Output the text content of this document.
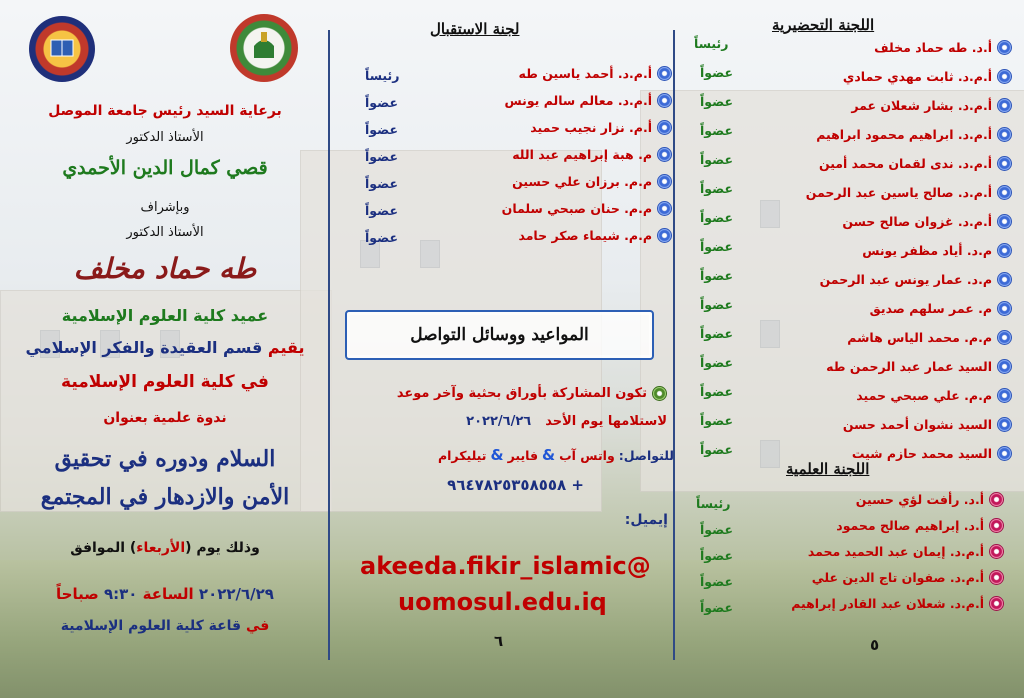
برعاية السيد رئيس جامعة الموصل
الأستاذ الدكتور
قصي كمال الدين الأحمدي
وبإشراف
الأستاذ الدكتور
طه حماد مخلف
عميد كلية العلوم الإسلامية
يقيم قسم العقيدة والفكر الإسلامي
في كلية العلوم الإسلامية
ندوة علمية بعنوان
السلام ودوره في تحقيق
الأمن والازدهار في المجتمع
وذلك يوم (الأربعاء) الموافق
٢٠٢٢/٦/٢٩ الساعة ٩:٣٠ صباحاً
في قاعة كلية العلوم الإسلامية
لجنة الاستقبال
أ.م.د. أحمد ياسين طه
رئيساً
أ.م.د. معالم سالم يونس
عضواً
أ.م. نزار نجيب حميد
عضواً
م. هبة إبراهيم عبد الله
عضواً
م.م. برزان علي حسين
عضواً
م.م. حنان صبحي سلمان
عضواً
م.م. شيماء صكر حامد
عضواً
المواعيد ووسائل التواصل
تكون المشاركة بأوراق بحثية وآخر موعد
لاستلامها يوم الأحد
٢٠٢٢/٦/٢٦
للتواصل:
واتس آب
&
فايبر
&
تيليكرام
+ ٩٦٤٧٨٢٥٣٥٨٥٥٨
إيميل:
akeeda.fikir_islamic@
uomosul.edu.iq
٦
اللجنة التحضيرية
أ.د. طه حماد مخلف
رئيساً
أ.م.د. ثابت مهدي حمادي
عضواً
أ.م.د. بشار شعلان عمر
عضواً
أ.م.د. ابراهيم محمود ابراهيم
عضواً
أ.م.د. ندى لقمان محمد أمين
عضواً
أ.م.د. صالح ياسين عبد الرحمن
عضواً
أ.م.د. غزوان صالح حسن
عضواً
م.د. أياد مظفر يونس
عضواً
م.د. عمار يونس عبد الرحمن
عضواً
م. عمر سلهم صديق
عضواً
م.م. محمد الياس هاشم
عضواً
السيد عمار عبد الرحمن طه
عضواً
م.م. علي صبحي حميد
عضواً
السيد نشوان أحمد حسن
عضواً
السيد محمد حازم شيت
عضواً
اللجنة العلمية
أ.د. رأفت لؤي حسين
رئيساً
أ.د. إبراهيم صالح محمود
عضواً
أ.م.د. إيمان عبد الحميد محمد
عضواً
أ.م.د. صفوان تاج الدين علي
عضواً
أ.م.د. شعلان عبد القادر إبراهيم
عضواً
٥
